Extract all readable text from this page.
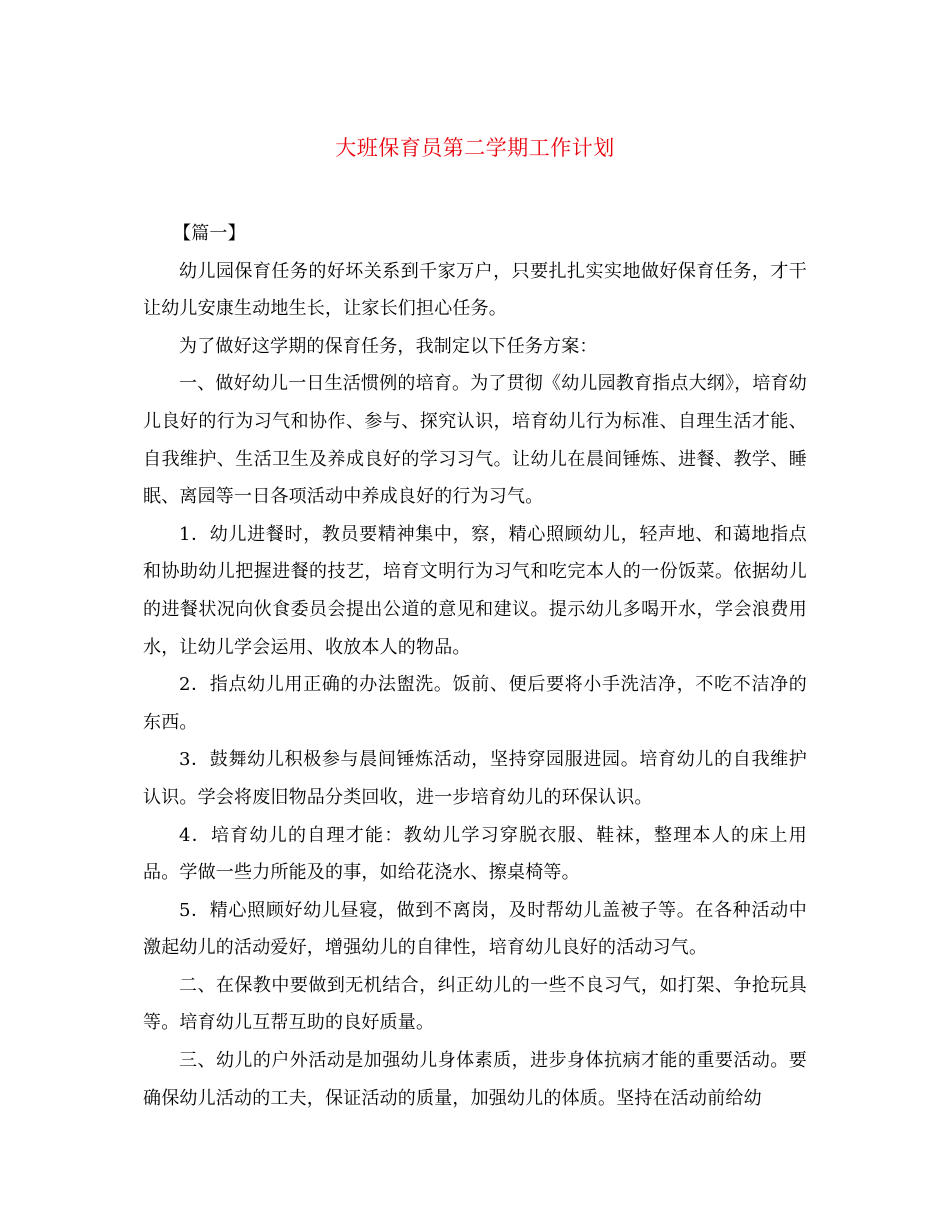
大班保育员第二学期工作计划

【篇一】

幼儿园保育任务的好坏关系到千家万户，只要扎扎实实地做好保育任务，才干让幼儿安康生动地生长，让家长们担心任务。

为了做好这学期的保育任务，我制定以下任务方案：

一、做好幼儿一日生活惯例的培育。为了贯彻《幼儿园教育指点大纲》，培育幼儿良好的行为习气和协作、参与、探究认识，培育幼儿行为标准、自理生活才能、自我维护、生活卫生及养成良好的学习习气。让幼儿在晨间锤炼、进餐、教学、睡眠、离园等一日各项活动中养成良好的行为习气。

1．幼儿进餐时，教员要精神集中，察，精心照顾幼儿，轻声地、和蔼地指点和协助幼儿把握进餐的技艺，培育文明行为习气和吃完本人的一份饭菜。依据幼儿的进餐状况向伙食委员会提出公道的意见和建议。提示幼儿多喝开水，学会浪费用水，让幼儿学会运用、收放本人的物品。

2．指点幼儿用正确的办法盥洗。饭前、便后要将小手洗洁净，不吃不洁净的东西。

3．鼓舞幼儿积极参与晨间锤炼活动，坚持穿园服进园。培育幼儿的自我维护认识。学会将废旧物品分类回收，进一步培育幼儿的环保认识。

4．培育幼儿的自理才能：教幼儿学习穿脱衣服、鞋袜，整理本人的床上用品。学做一些力所能及的事，如给花浇水、擦桌椅等。

5．精心照顾好幼儿昼寝，做到不离岗，及时帮幼儿盖被子等。在各种活动中激起幼儿的活动爱好，增强幼儿的自律性，培育幼儿良好的活动习气。

二、在保教中要做到无机结合，纠正幼儿的一些不良习气，如打架、争抢玩具等。培育幼儿互帮互助的良好质量。

三、幼儿的户外活动是加强幼儿身体素质，进步身体抗病才能的重要活动。要确保幼儿活动的工夫，保证活动的质量，加强幼儿的体质。坚持在活动前给幼
